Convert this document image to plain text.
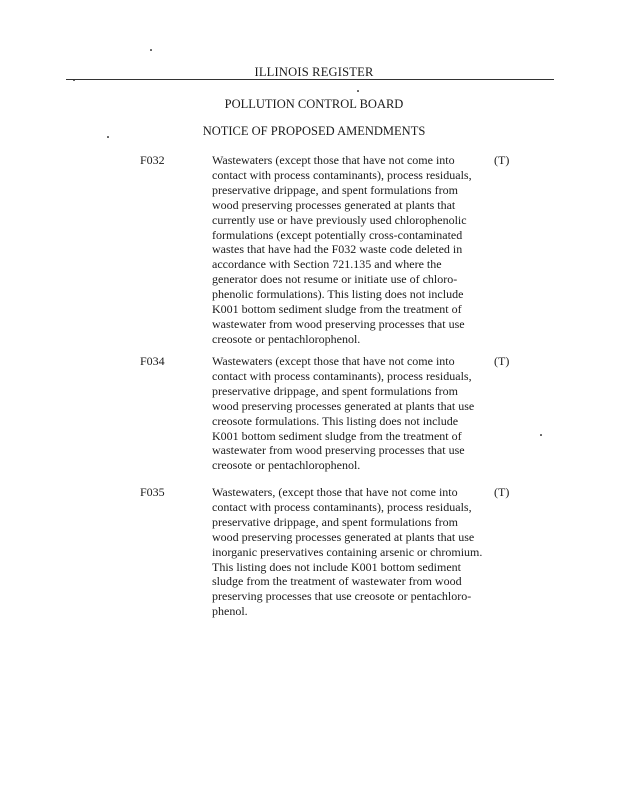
ILLINOIS REGISTER
POLLUTION CONTROL BOARD
NOTICE OF PROPOSED AMENDMENTS
F032	Wastewaters (except those that have not come into
contact with process contaminants), process residuals,
preservative drippage, and spent formulations from
wood preserving processes generated at plants that
currently use or have previously used chlorophenolic
formulations (except potentially cross-contaminated
wastes that have had the F032 waste code deleted in
accordance with Section 721.135 and where the
generator does not resume or initiate use of chloro-
phenolic formulations). This listing does not include
K001 bottom sediment sludge from the treatment of
wastewater from wood preserving processes that use
creosote or pentachlorophenol.
(T)
F034	Wastewaters (except those that have not come into
contact with process contaminants), process residuals,
preservative drippage, and spent formulations from
wood preserving processes generated at plants that use
creosote formulations. This listing does not include
K001 bottom sediment sludge from the treatment of
wastewater from wood preserving processes that use
creosote or pentachlorophenol.
(T)
F035	Wastewaters, (except those that have not come into
contact with process contaminants), process residuals,
preservative drippage, and spent formulations from
wood preserving processes generated at plants that use
inorganic preservatives containing arsenic or chromium.
This listing does not include K001 bottom sediment
sludge from the treatment of wastewater from wood
preserving processes that use creosote or pentachloro-
phenol.
(T)
